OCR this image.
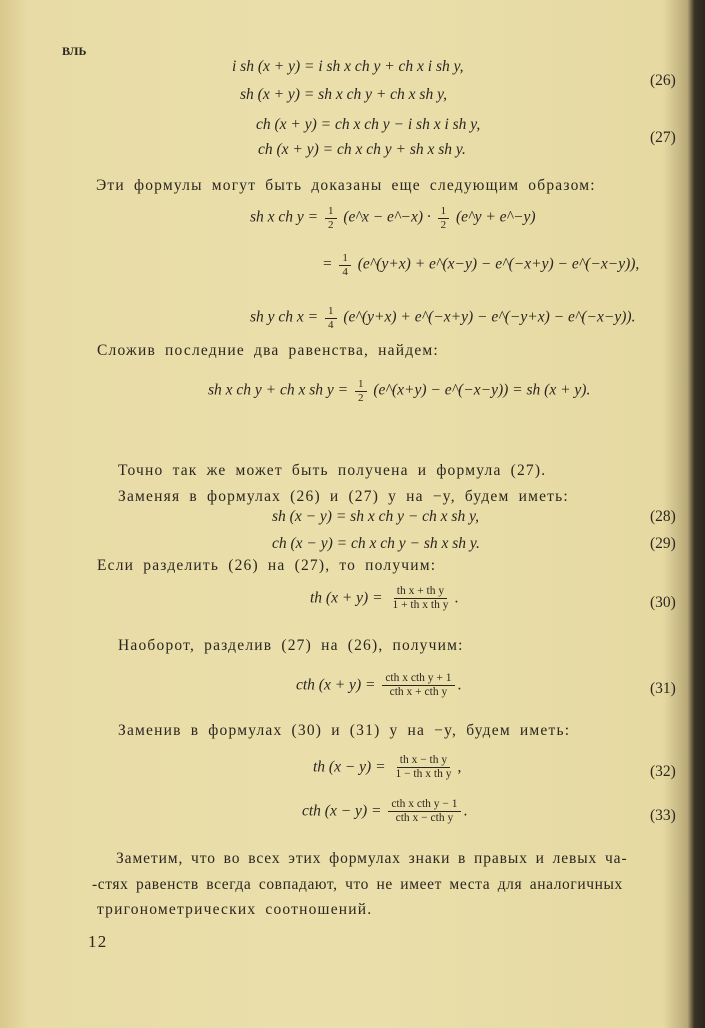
ВЛЬ
i sh (x + y) = i sh x ch y + ch x i sh y,
sh (x + y) = sh x ch y + ch x sh y,
(26)
ch (x + y) = ch x ch y − i sh x i sh y,
ch (x + y) = ch x ch y + sh x sh y.
(27)
Эти формулы могут быть доказаны еще следующим образом:
sh x ch $y = \frac{1}{2}$ (e^x − e^−x) · $\frac{1}{2}$ (e^y + e^−y)
= $\frac{1}{4}$ (e^(y+x) + e^(x−y) − e^(−x+y) − e^(−x−y)),
sh y ch $x = \frac{1}{4}$ (e^(y+x) + e^(−x+y) − e^(−y+x) − e^(−x−y)).
Сложив последние два равенства, найдем:
sh x ch y + ch x sh $y = \frac{1}{2}$ (e^(x+y) − e^(−x−y)) = sh (x + y).
Точно так же может быть получена и формула (27).
Заменяя в формулах (26) и (27) y на −y, будем иметь:
sh (x − y) = sh x ch y − ch x sh y,	(28)
ch (x − y) = ch x ch y − sh x sh y.	(29)
Если разделить (26) на (27), то получим:
th $(x + y) = \frac{\text{th x + th y}}{\text{1 + th x th y}}$ .	(30)
Наоборот, разделив (27) на (26), получим:
cth (x + y) = cth x cth y + 1
cth x + cth y .	(31)
Заменив в формулах (30) и (31) y на −y, будем иметь:
th $(x - y) = \frac{\text{th x − th y}}{\text{1 − th x th y}}$ ,	(32)
cth (x − y) = cth x cth y − 1
cth x − cth y .	(33)
Заметим, что во всех этих формулах знаки в правых и левых ча-
-стях равенств всегда совпадают, что не имеет места для аналогичных
тригонометрических соотношений.
12
